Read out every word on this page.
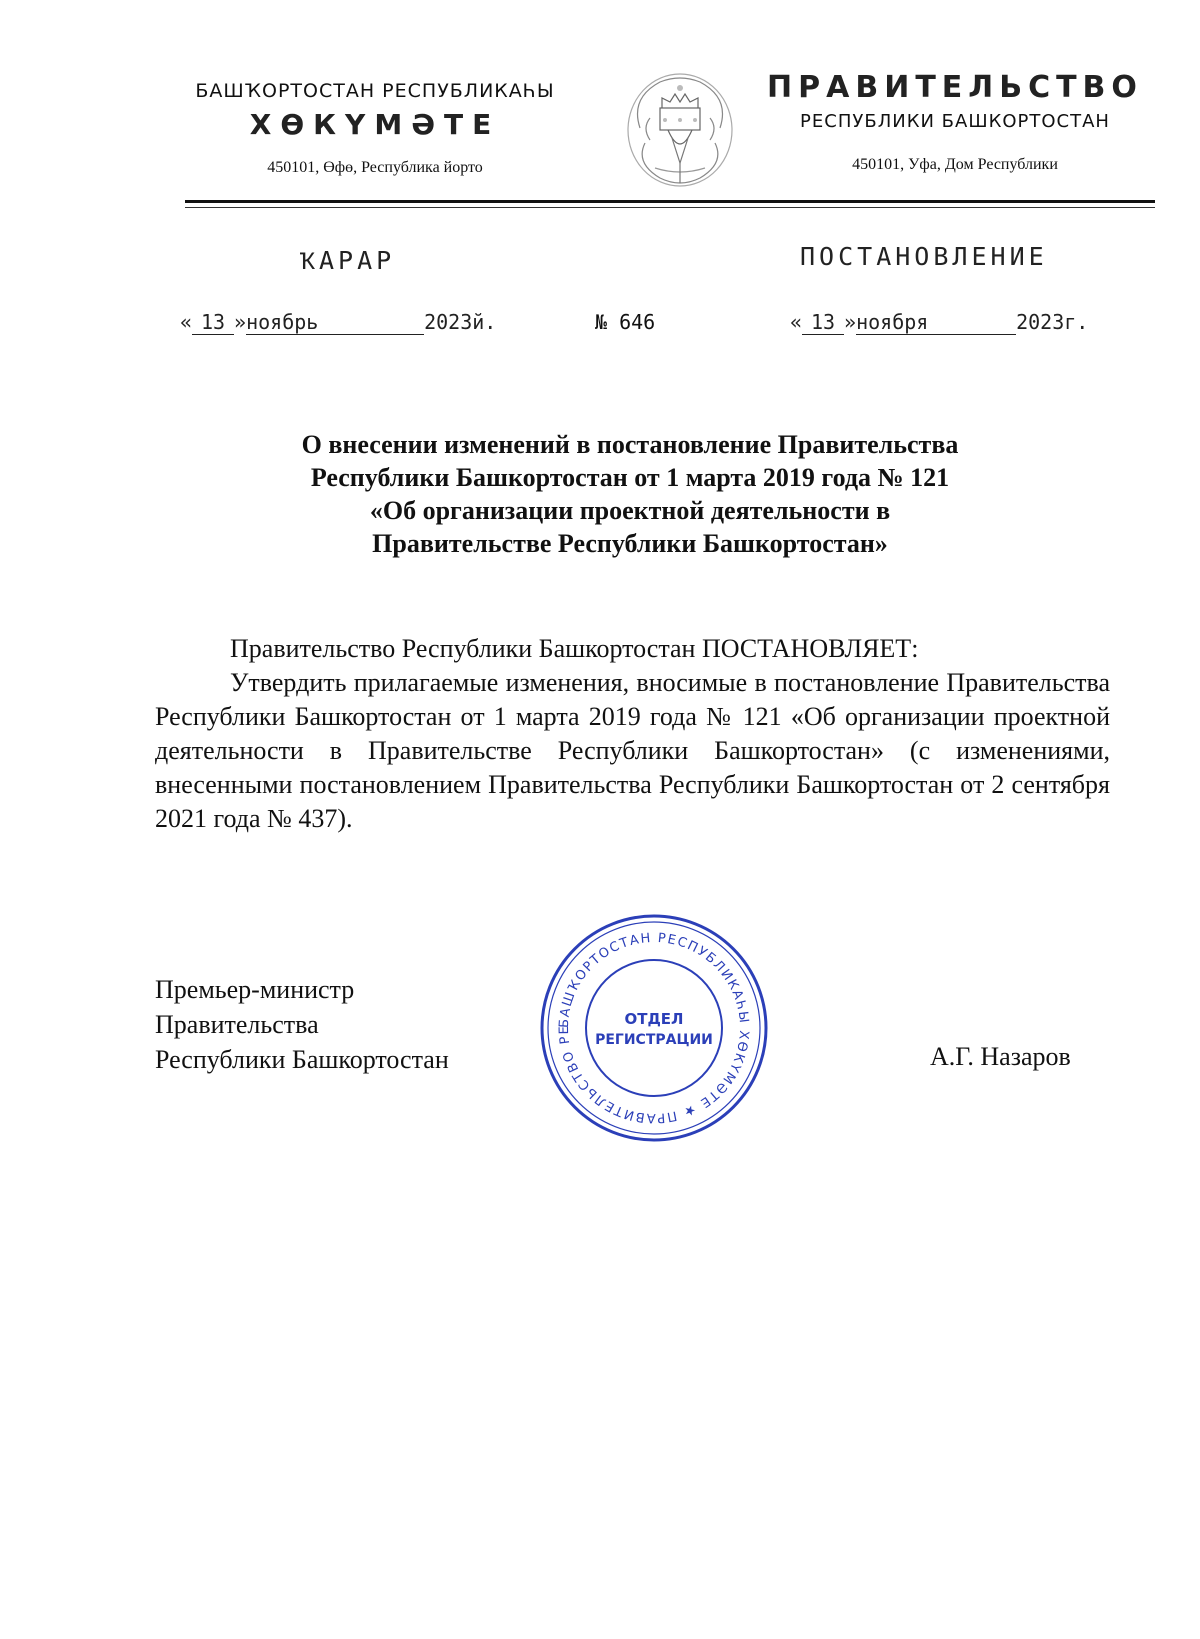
БАШҠОРТОСТАН РЕСПУБЛИКАҺЫ
ХӨКҮМӘТЕ
450101, Өфө, Республика йорто
ПРАВИТЕЛЬСТВО
РЕСПУБЛИКИ БАШКОРТОСТАН
450101, Уфа, Дом Республики
ҠАРАР	ПОСТАНОВЛЕНИЕ
« 13 »ноябрь	2023й.	№ 646	« 13 »ноября	2023г.
О внесении изменений в постановление Правительства
Республики Башкортостан от 1 марта 2019 года № 121
«Об организации проектной деятельности в
Правительстве Республики Башкортостан»

Правительство Республики Башкортостан ПОСТАНОВЛЯЕТ:

Утвердить прилагаемые изменения, вносимые в постановление Правительства Республики Башкортостан от 1 марта 2019 года № 121 «Об организации проектной деятельности в Правительстве Республики Башкортостан» (с изменениями, внесенными постановлением Правительства Республики Башкортостан от 2 сентября 2021 года № 437).

Премьер-министр
Правительства
Республики Башкортостан	А.Г. Назаров
БАШҠОРТОСТАН РЕСПУБЛИКАҺЫ ХӨКҮМӘТЕ ★ ПРАВИТЕЛЬСТВО РЕ
ОТДЕЛ
РЕГИСТРАЦИИ
